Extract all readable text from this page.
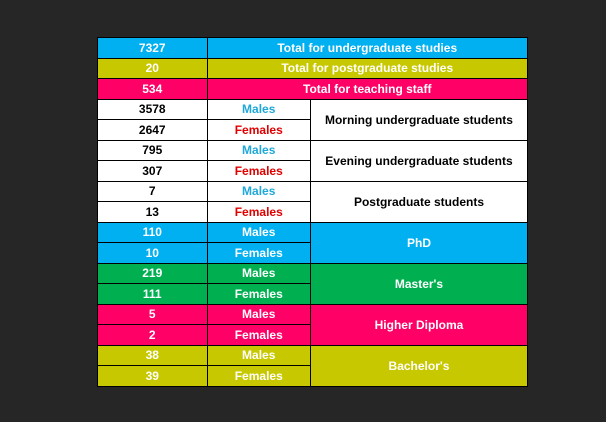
7327	Total for undergraduate studies	
20	Total for postgraduate studies	
534	Total for teaching staff	
3578	Males	Morning undergraduate students
2647	Females	
795	Males	Evening undergraduate students
307	Females	
7	Males	Postgraduate students
13	Females	
110	Males	PhD
10	Females	
219	Males	Master's
111	Females	
5	Males	Higher Diploma
2	Females	
38	Males	Bachelor's
39	Females	
